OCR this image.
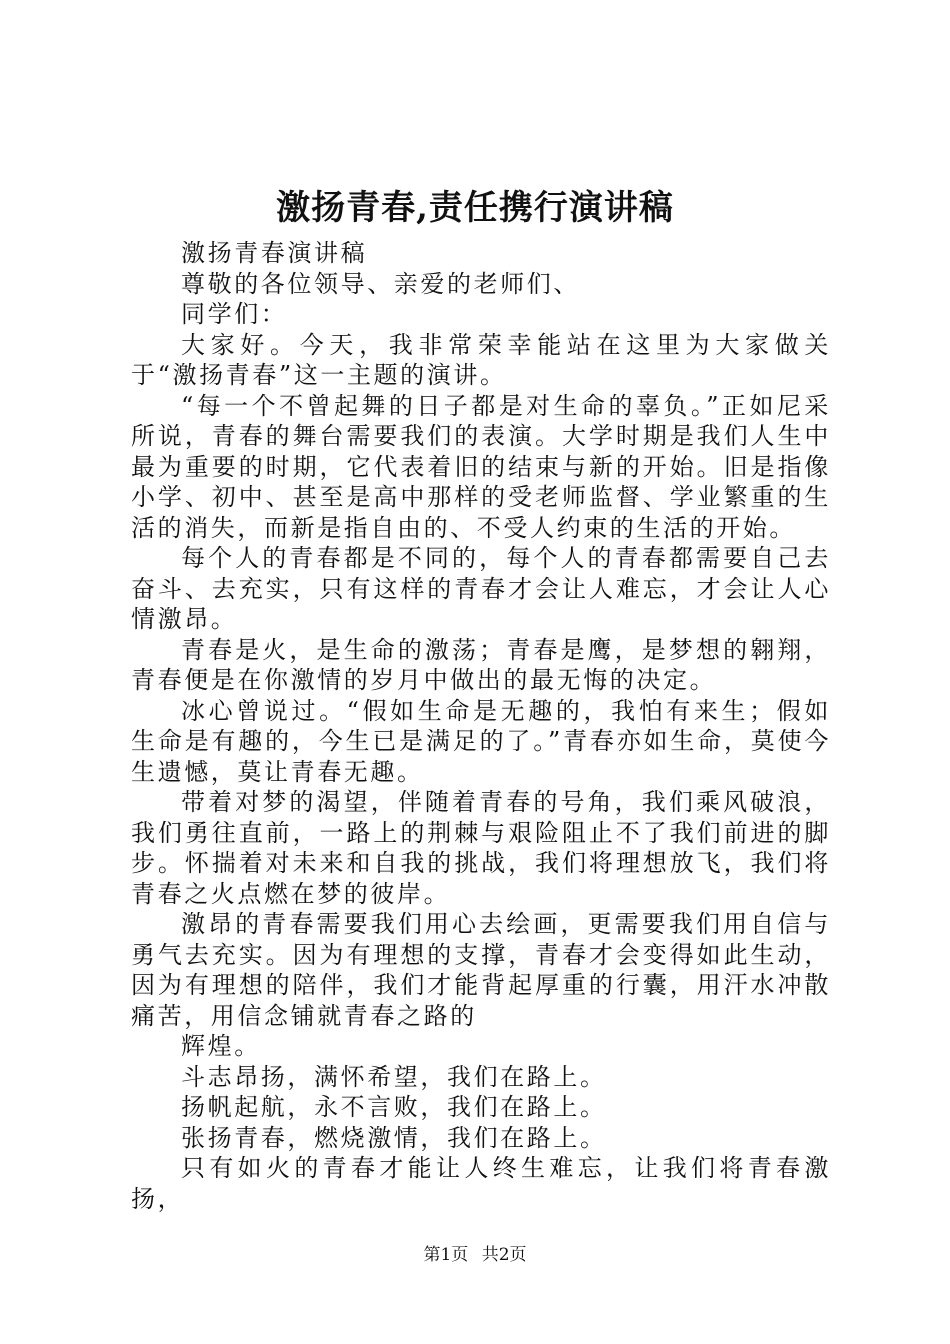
激扬青春,责任携行演讲稿

激扬青春演讲稿

尊敬的各位领导、亲爱的老师们、

同学们：

大家好。今天，我非常荣幸能站在这里为大家做关于“激扬青春”这一主题的演讲。

“每一个不曾起舞的日子都是对生命的辜负。”正如尼采所说，青春的舞台需要我们的表演。大学时期是我们人生中最为重要的时期，它代表着旧的结束与新的开始。旧是指像小学、初中、甚至是高中那样的受老师监督、学业繁重的生活的消失，而新是指自由的、不受人约束的生活的开始。

每个人的青春都是不同的，每个人的青春都需要自己去奋斗、去充实，只有这样的青春才会让人难忘，才会让人心情激昂。

青春是火，是生命的激荡；青春是鹰，是梦想的翱翔，青春便是在你激情的岁月中做出的最无悔的决定。

冰心曾说过。“假如生命是无趣的，我怕有来生；假如生命是有趣的，今生已是满足的了。”青春亦如生命，莫使今生遗憾，莫让青春无趣。

带着对梦的渴望，伴随着青春的号角，我们乘风破浪，我们勇往直前，一路上的荆棘与艰险阻止不了我们前进的脚步。怀揣着对未来和自我的挑战，我们将理想放飞，我们将青春之火点燃在梦的彼岸。

激昂的青春需要我们用心去绘画，更需要我们用自信与勇气去充实。因为有理想的支撑，青春才会变得如此生动，因为有理想的陪伴，我们才能背起厚重的行囊，用汗水冲散痛苦，用信念铺就青春之路的

辉煌。

斗志昂扬，满怀希望，我们在路上。

扬帆起航，永不言败，我们在路上。

张扬青春，燃烧激情，我们在路上。

只有如火的青春才能让人终生难忘，让我们将青春激扬，

第1页 共2页
